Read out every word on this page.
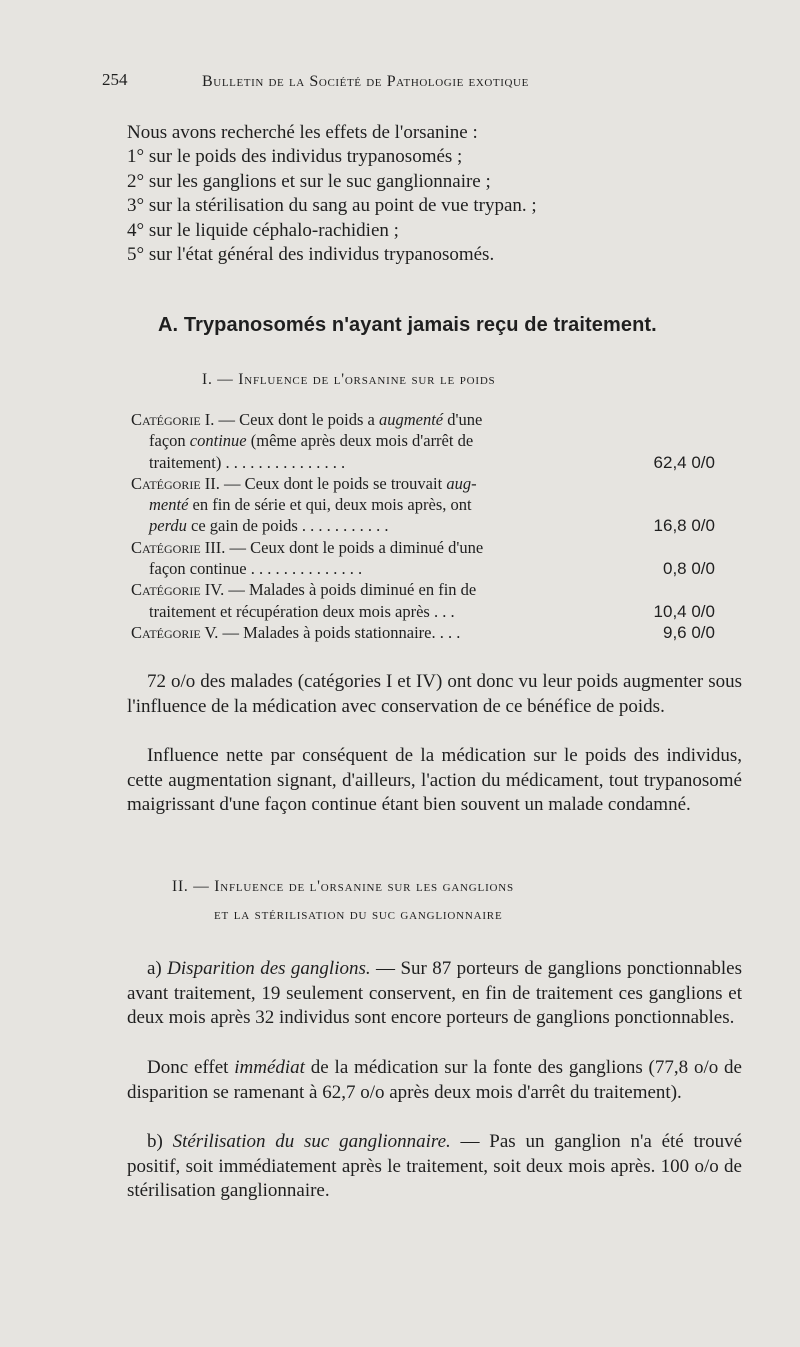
254	Bulletin de la Société de Pathologie exotique
Nous avons recherché les effets de l'orsanine :
1° sur le poids des individus trypanosomés ;
2° sur les ganglions et sur le suc ganglionnaire ;
3° sur la stérilisation du sang au point de vue trypan. ;
4° sur le liquide céphalo-rachidien ;
5° sur l'état général des individus trypanosomés.
A. Trypanosomés n'ayant jamais reçu de traitement.
I. — Influence de l'orsanine sur le poids
Catégorie I. — Ceux dont le poids a augmenté d'une
façon continue (même après deux mois d'arrêt de
traitement) . . . . . . . . . . . . . . .	62,4 0/0
Catégorie II. — Ceux dont le poids se trouvait aug-
menté en fin de série et qui, deux mois après, ont
perdu ce gain de poids . . . . . . . . . . .	16,8 0/0
Catégorie III. — Ceux dont le poids a diminué d'une
façon continue . . . . . . . . . . . . . .	0,8 0/0
Catégorie IV. — Malades à poids diminué en fin de
traitement et récupération deux mois après . . .	10,4 0/0
Catégorie V. — Malades à poids stationnaire. . . .	9,6 0/0
72 o/o des malades (catégories I et IV) ont donc vu leur poids augmenter sous l'influence de la médication avec conservation de ce bénéfice de poids.
Influence nette par conséquent de la médication sur le poids des individus, cette augmentation signant, d'ailleurs, l'action du médicament, tout trypanosomé maigrissant d'une façon continue étant bien souvent un malade condamné.
II. — Influence de l'orsanine sur les ganglions
et la stérilisation du suc ganglionnaire
a) Disparition des ganglions. — Sur 87 porteurs de ganglions ponctionnables avant traitement, 19 seulement conservent, en fin de traitement ces ganglions et deux mois après 32 individus sont encore porteurs de ganglions ponctionnables.
Donc effet immédiat de la médication sur la fonte des ganglions (77,8 o/o de disparition se ramenant à 62,7 o/o après deux mois d'arrêt du traitement).
b) Stérilisation du suc ganglionnaire. — Pas un ganglion n'a été trouvé positif, soit immédiatement après le traitement, soit deux mois après. 100 o/o de stérilisation ganglionnaire.
